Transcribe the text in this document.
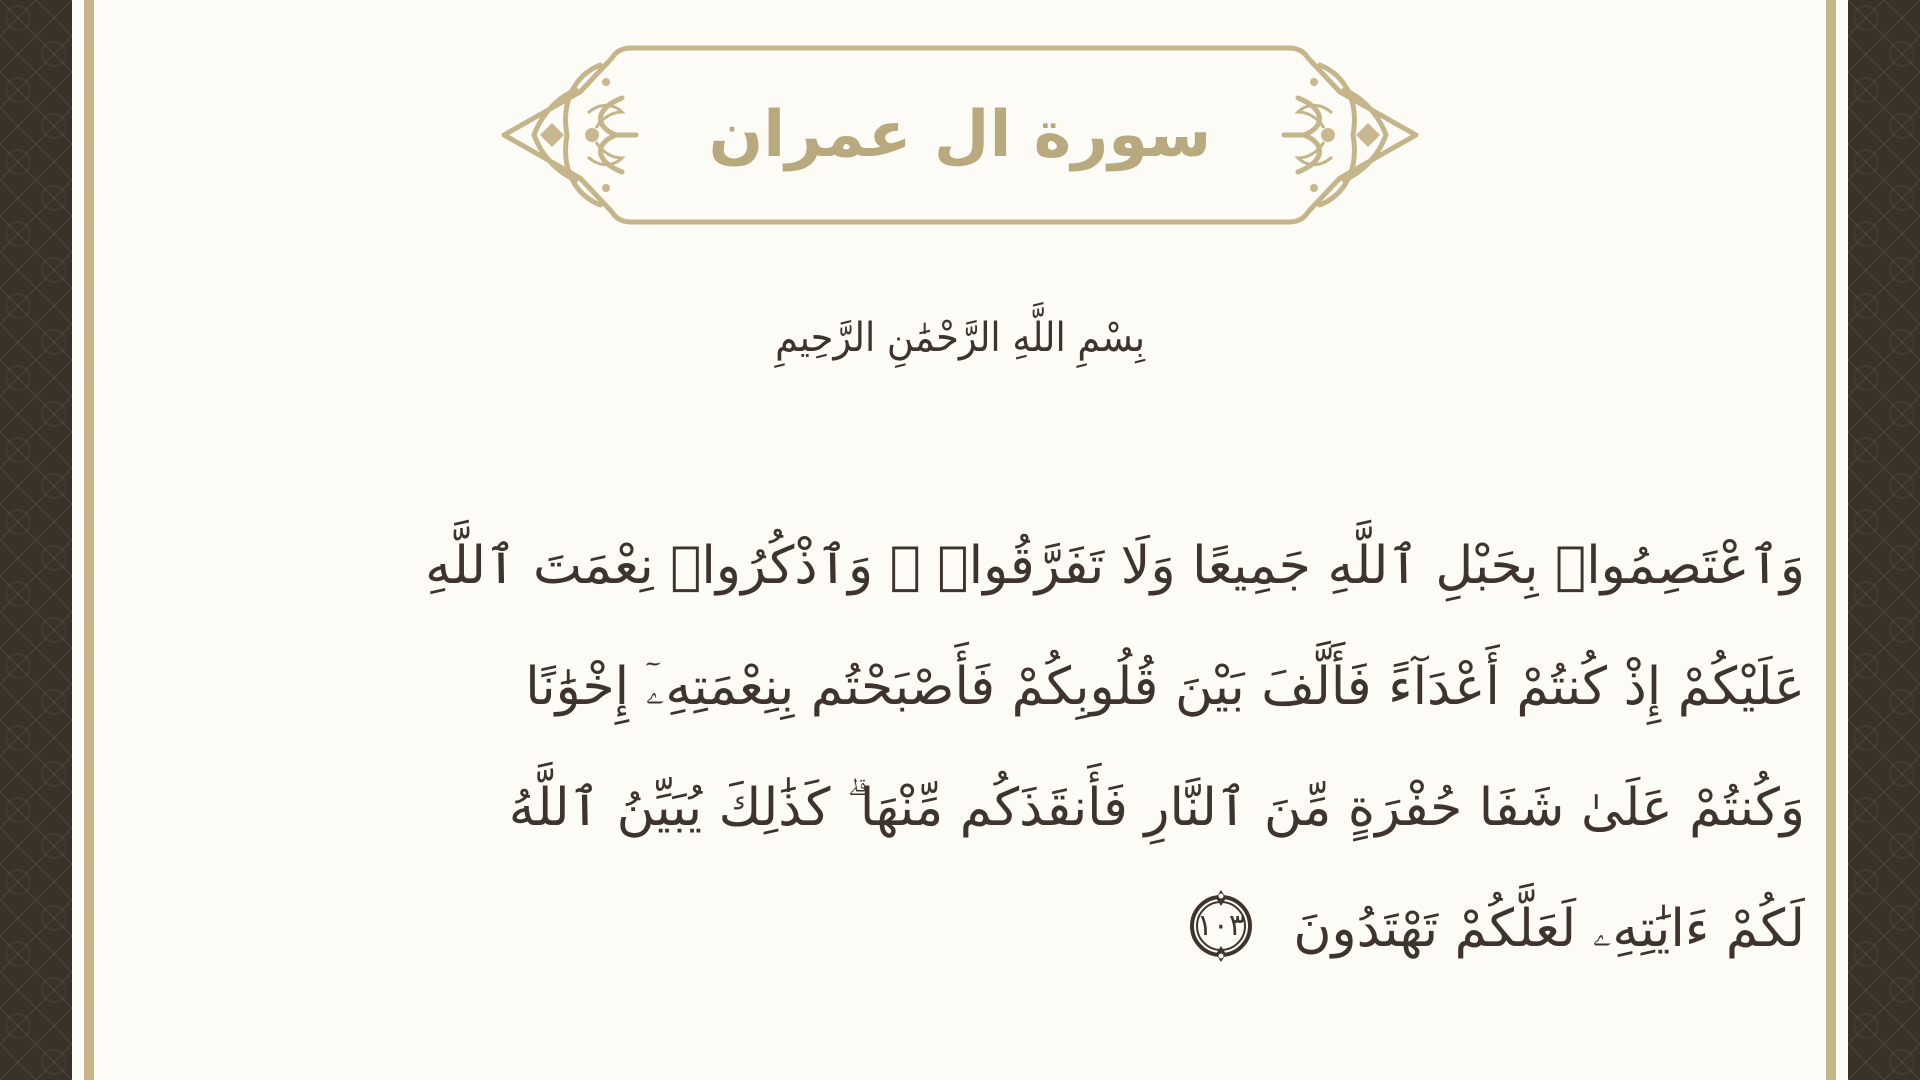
سورة ال عمران
بِسْمِ اللَّهِ الرَّحْمَٰنِ الرَّحِيمِ
وَٱعْتَصِمُوا۟ بِحَبْلِ ٱللَّهِ جَمِيعًا وَلَا تَفَرَّقُوا۟ ۚ وَٱذْكُرُوا۟ نِعْمَتَ ٱللَّهِ
عَلَيْكُمْ إِذْ كُنتُمْ أَعْدَآءً فَأَلَّفَ بَيْنَ قُلُوبِكُمْ فَأَصْبَحْتُم بِنِعْمَتِهِۦٓ إِخْوَٰنًا
وَكُنتُمْ عَلَىٰ شَفَا حُفْرَةٍ مِّنَ ٱلنَّارِ فَأَنقَذَكُم مِّنْهَا ۗ كَذَٰلِكَ يُبَيِّنُ ٱللَّهُ
لَكُمْ ءَايَٰتِهِۦ لَعَلَّكُمْ تَهْتَدُونَ
١٠٣
